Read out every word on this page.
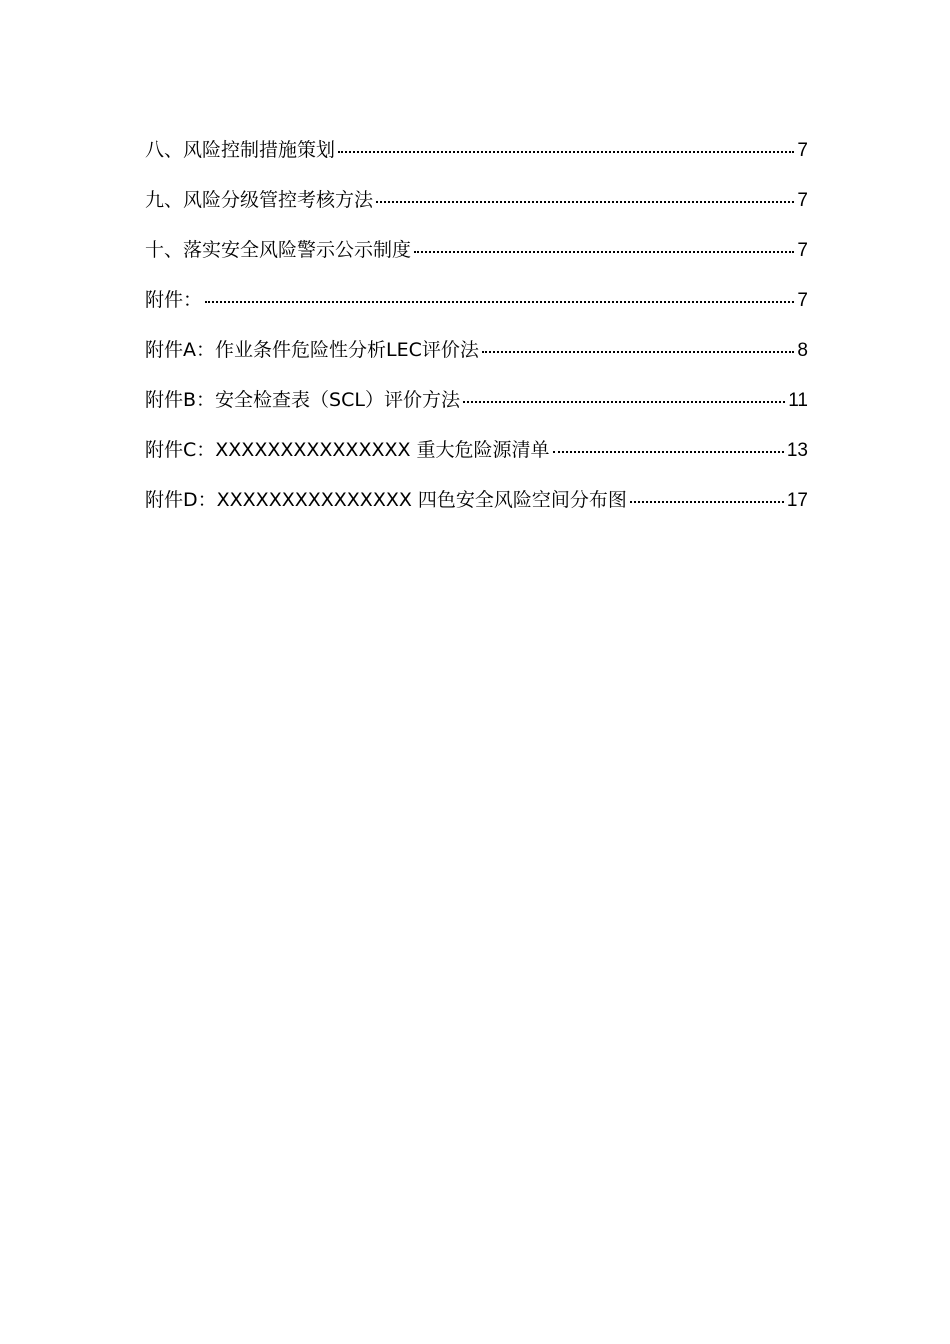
八、风险控制措施策划	7
九、风险分级管控考核方法	7
十、落实安全风险警示公示制度	7
附件：	7
附件A：作业条件危险性分析LEC评价法	8
附件B：安全检查表（SCL）评价方法	11
附件C：XXXXXXXXXXXXXXX 重大危险源清单	13
附件D：XXXXXXXXXXXXXXX 四色安全风险空间分布图	17
